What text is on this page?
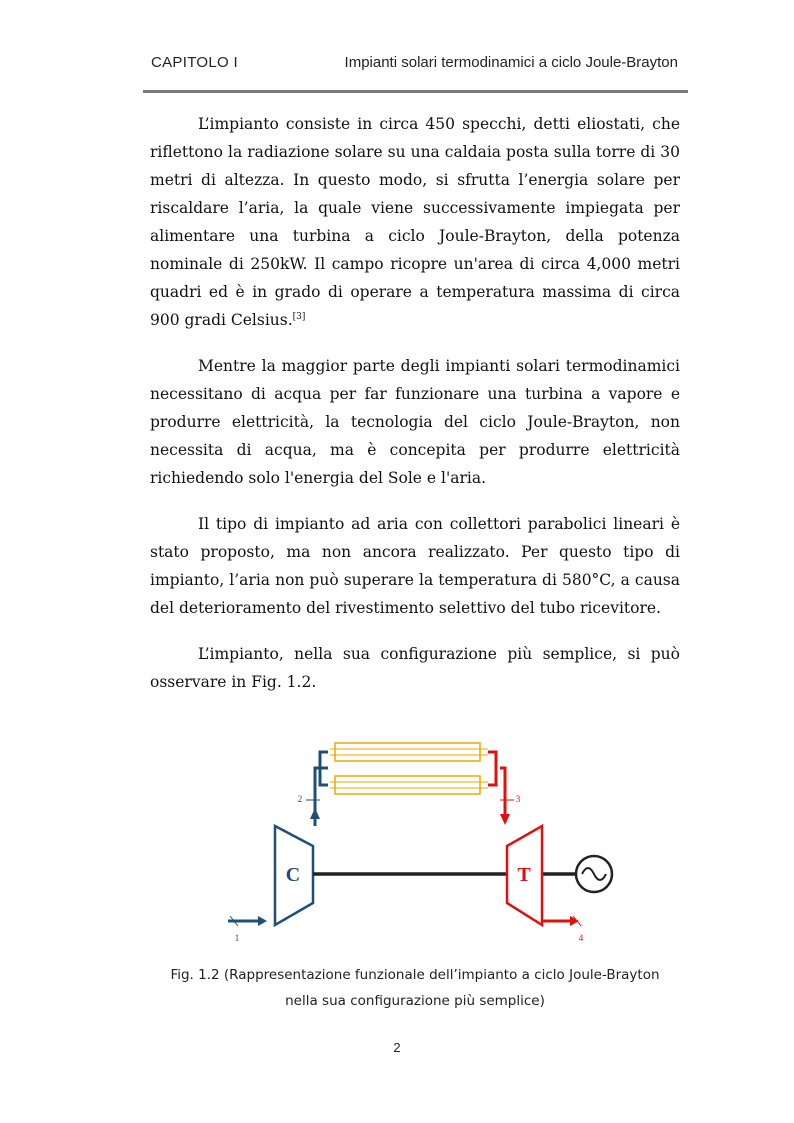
CAPITOLO I	Impianti solari termodinamici a ciclo Joule-Brayton

L’impianto consiste in circa 450 specchi, detti eliostati, che riflettono la radiazione solare su una caldaia posta sulla torre di 30 metri di altezza. In questo modo, si sfrutta l’energia solare per riscaldare l’aria, la quale viene successivamente impiegata per alimentare una turbina a ciclo Joule-Brayton, della potenza nominale di 250kW. Il campo ricopre un'area di circa 4,000 metri quadri ed è in grado di operare a temperatura massima di circa 900 gradi Celsius.[3]

Mentre la maggior parte degli impianti solari termodinamici necessitano di acqua per far funzionare una turbina a vapore e produrre elettricità, la tecnologia del ciclo Joule-Brayton, non necessita di acqua, ma è concepita per produrre elettricità richiedendo solo l'energia del Sole e l'aria.

Il tipo di impianto ad aria con collettori parabolici lineari è stato proposto, ma non ancora realizzato. Per questo tipo di impianto, l’aria non può superare la temperatura di 580°C, a causa del deterioramento del rivestimento selettivo del tubo ricevitore.

L’impianto, nella sua configurazione più semplice, si può osservare in Fig. 1.2.

C	T
1
2	3
4
Fig. 1.2 (Rappresentazione funzionale dell’impianto a ciclo Joule-Brayton
nella sua configurazione più semplice)
2
